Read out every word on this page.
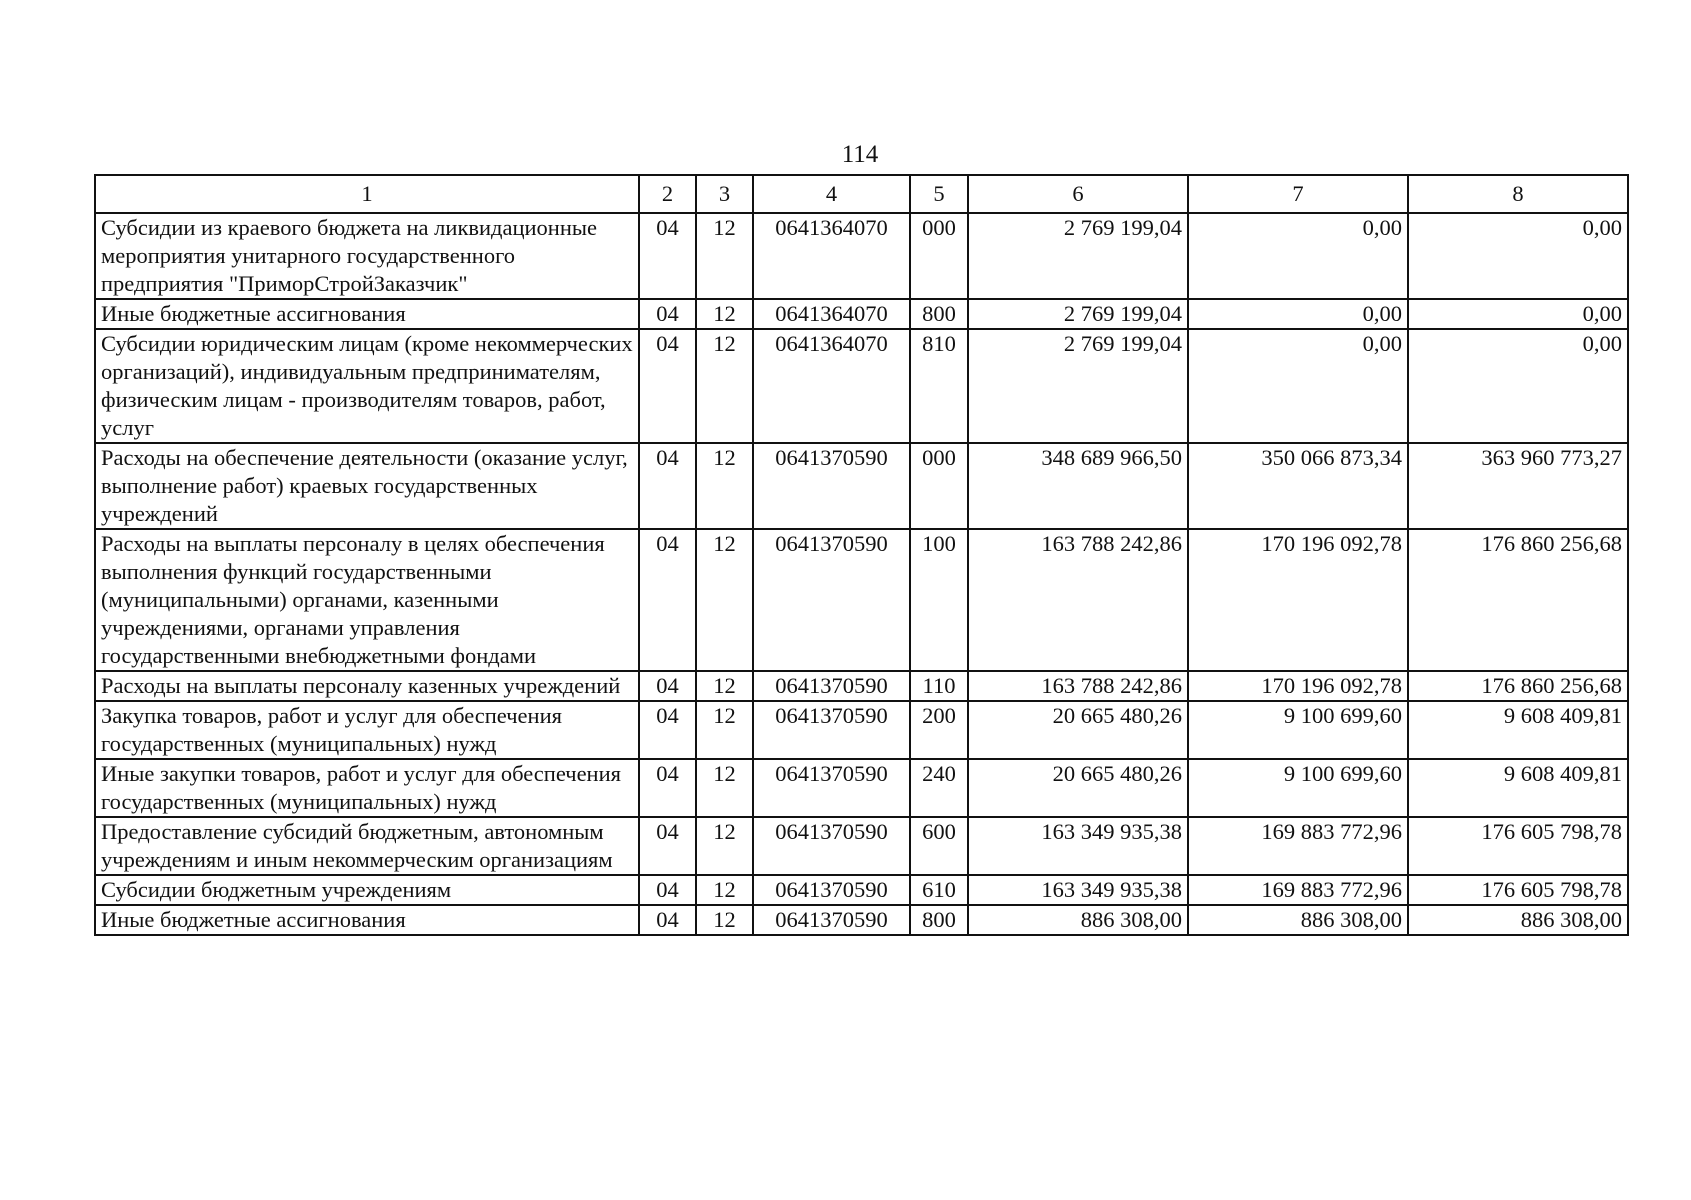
114
1	2	3	4	5	6	7	8
Субсидии из краевого бюджета на ликвидационные мероприятия унитарного государственного предприятия "ПриморСтройЗаказчик"	04	12	0641364070	000	2 769 199,04	0,00	0,00
Иные бюджетные ассигнования	04	12	0641364070	800	2 769 199,04	0,00	0,00
Субсидии юридическим лицам (кроме некоммерческих организаций), индивидуальным предпринимателям, физическим лицам - производителям товаров, работ, услуг	04	12	0641364070	810	2 769 199,04	0,00	0,00
Расходы на обеспечение деятельности (оказание услуг, выполнение работ) краевых государственных учреждений	04	12	0641370590	000	348 689 966,50	350 066 873,34	363 960 773,27
Расходы на выплаты персоналу в целях обеспечения выполнения функций государственными (муниципальными) органами, казенными учреждениями, органами управления государственными внебюджетными фондами	04	12	0641370590	100	163 788 242,86	170 196 092,78	176 860 256,68
Расходы на выплаты персоналу казенных учреждений	04	12	0641370590	110	163 788 242,86	170 196 092,78	176 860 256,68
Закупка товаров, работ и услуг для обеспечения государственных (муниципальных) нужд	04	12	0641370590	200	20 665 480,26	9 100 699,60	9 608 409,81
Иные закупки товаров, работ и услуг для обеспечения государственных (муниципальных) нужд	04	12	0641370590	240	20 665 480,26	9 100 699,60	9 608 409,81
Предоставление субсидий бюджетным, автономным учреждениям и иным некоммерческим организациям	04	12	0641370590	600	163 349 935,38	169 883 772,96	176 605 798,78
Субсидии бюджетным учреждениям	04	12	0641370590	610	163 349 935,38	169 883 772,96	176 605 798,78
Иные бюджетные ассигнования	04	12	0641370590	800	886 308,00	886 308,00	886 308,00
